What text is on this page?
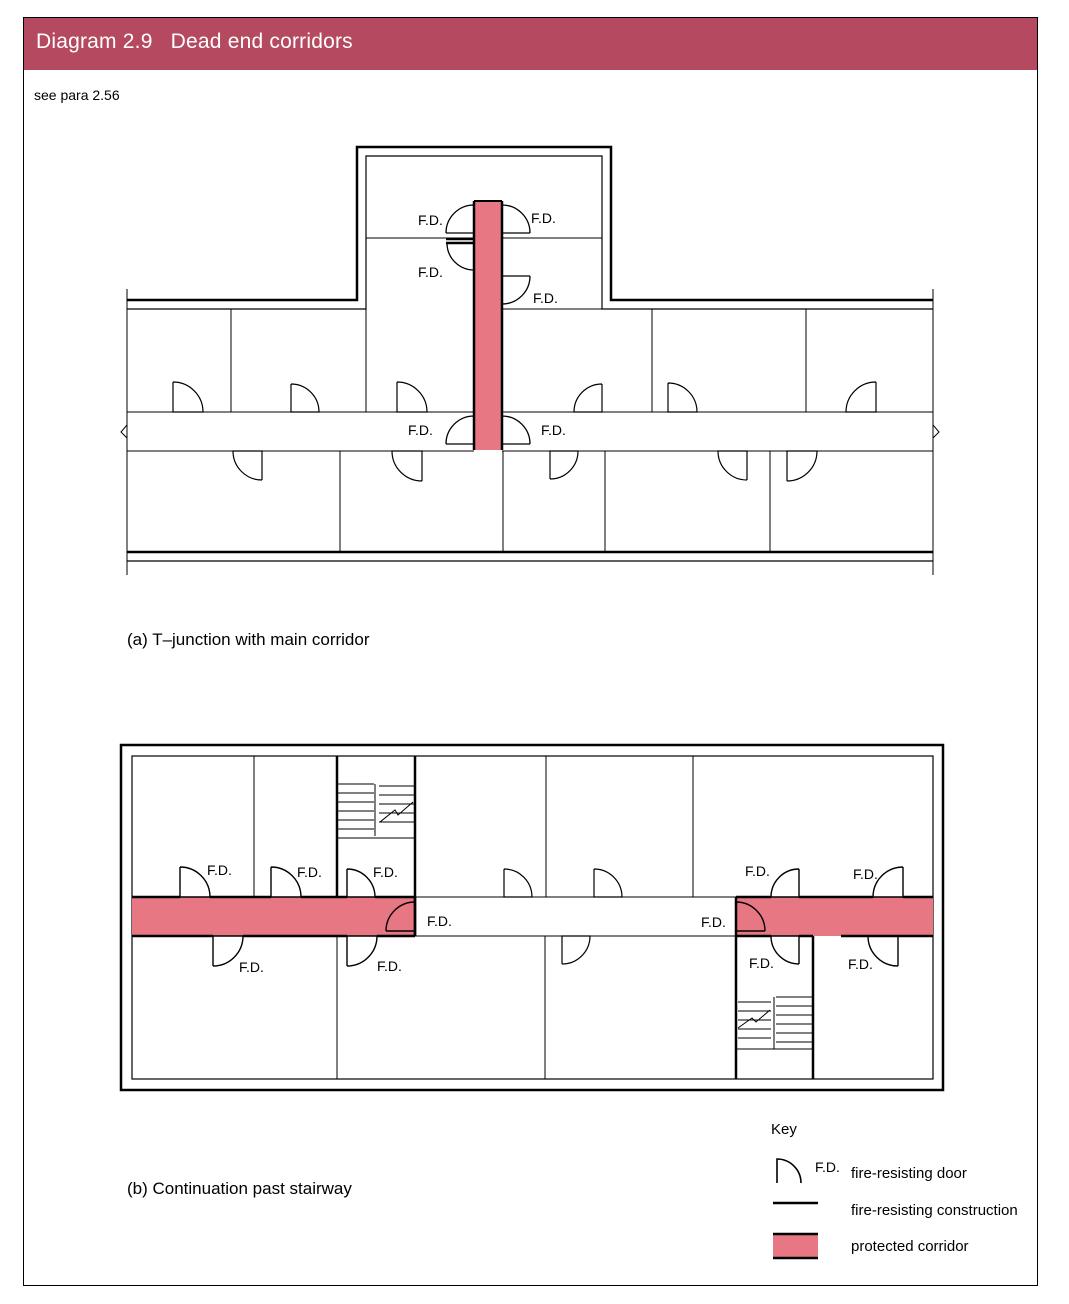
Diagram 2.9   Dead end corridors
see para 2.56
F.D.	F.D.
F.D.
F.D.
F.D.	F.D.
F.D.	F.D.	F.D.
F.D.	F.D.
F.D.	F.D.
F.D.	F.D.	F.D.	F.D.
(a) T–junction with main corridor
(b) Continuation past stairway
Key
F.D. fire-resisting door
fire-resisting construction
protected corridor
